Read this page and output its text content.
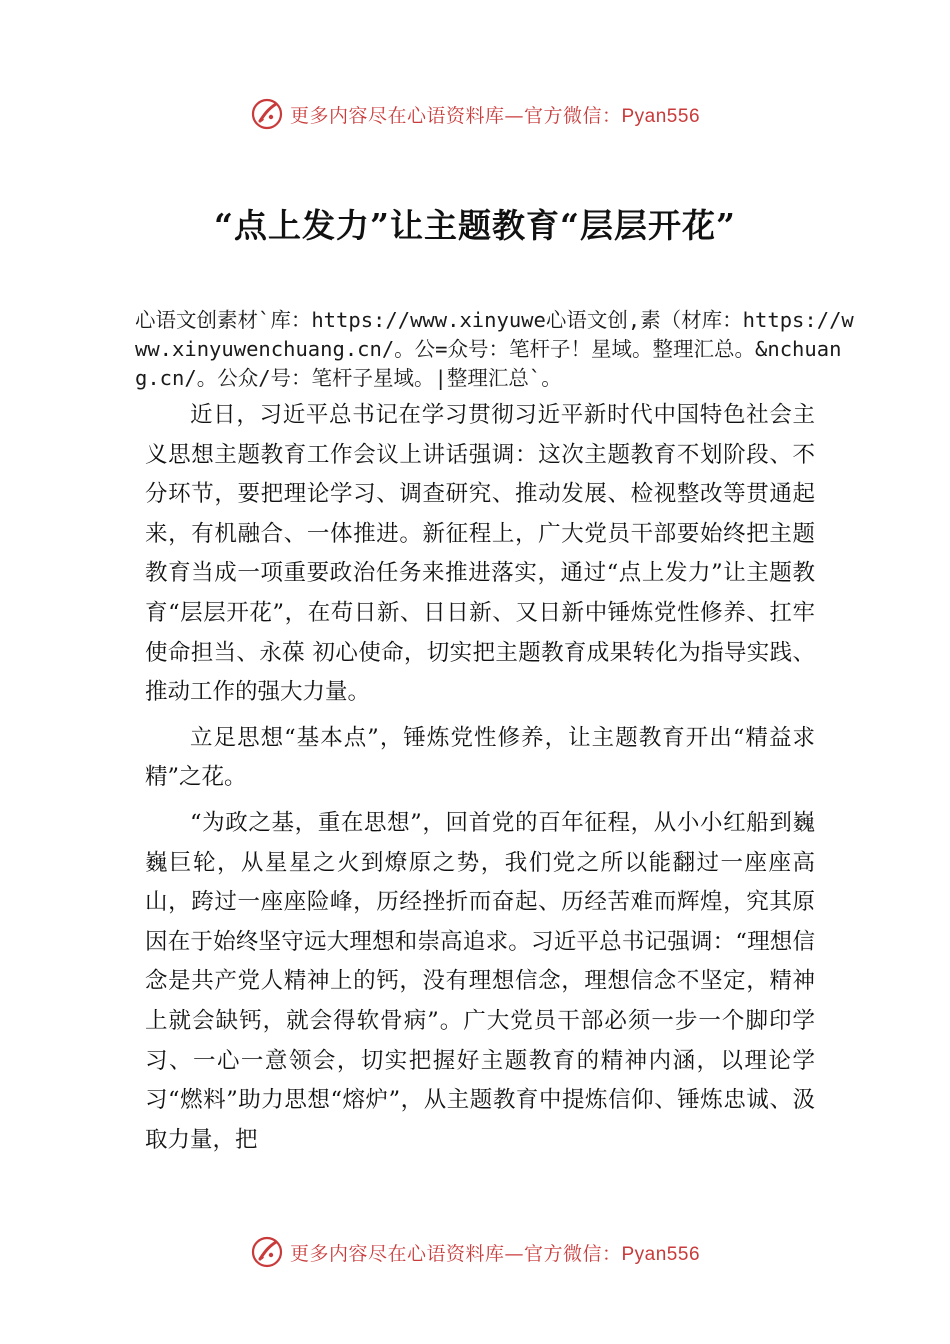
更多内容尽在心语资料库—官方微信：Pyan556
“点上发力”让主题教育“层层开花”

心语文创素材`库：https://www.xinyuwe心语文创,素（材库：https://www.xinyuwenchuang.cn/。公=众号：笔杆子！星域。整理汇总。&nchuang.cn/。公众/号：笔杆子星域。|整理汇总`。

近日，习近平总书记在学习贯彻习近平新时代中国特色社会主义思想主题教育工作会议上讲话强调：这次主题教育不划阶段、不分环节，要把理论学习、调查研究、推动发展、检视整改等贯通起来，有机融合、一体推进。新征程上，广大党员干部要始终把主题教育当成一项重要政治任务来推进落实，通过“点上发力”让主题教育“层层开花”，在苟日新、日日新、又日新中锤炼党性修养、扛牢使命担当、永葆 初心使命，切实把主题教育成果转化为指导实践、推动工作的强大力量。

立足思想“基本点”，锤炼党性修养，让主题教育开出“精益求精”之花。

“为政之基，重在思想”，回首党的百年征程，从小小红船到巍巍巨轮，从星星之火到燎原之势，我们党之所以能翻过一座座高山，跨过一座座险峰，历经挫折而奋起、历经苦难而辉煌，究其原因在于始终坚守远大理想和崇高追求。习近平总书记强调：“理想信念是共产党人精神上的钙，没有理想信念，理想信念不坚定，精神上就会缺钙，就会得软骨病”。广大党员干部必须一步一个脚印学习、一心一意领会，切实把握好主题教育的精神内涵，以理论学习“燃料”助力思想“熔炉”，从主题教育中提炼信仰、锤炼忠诚、汲取力量，把

更多内容尽在心语资料库—官方微信：Pyan556
